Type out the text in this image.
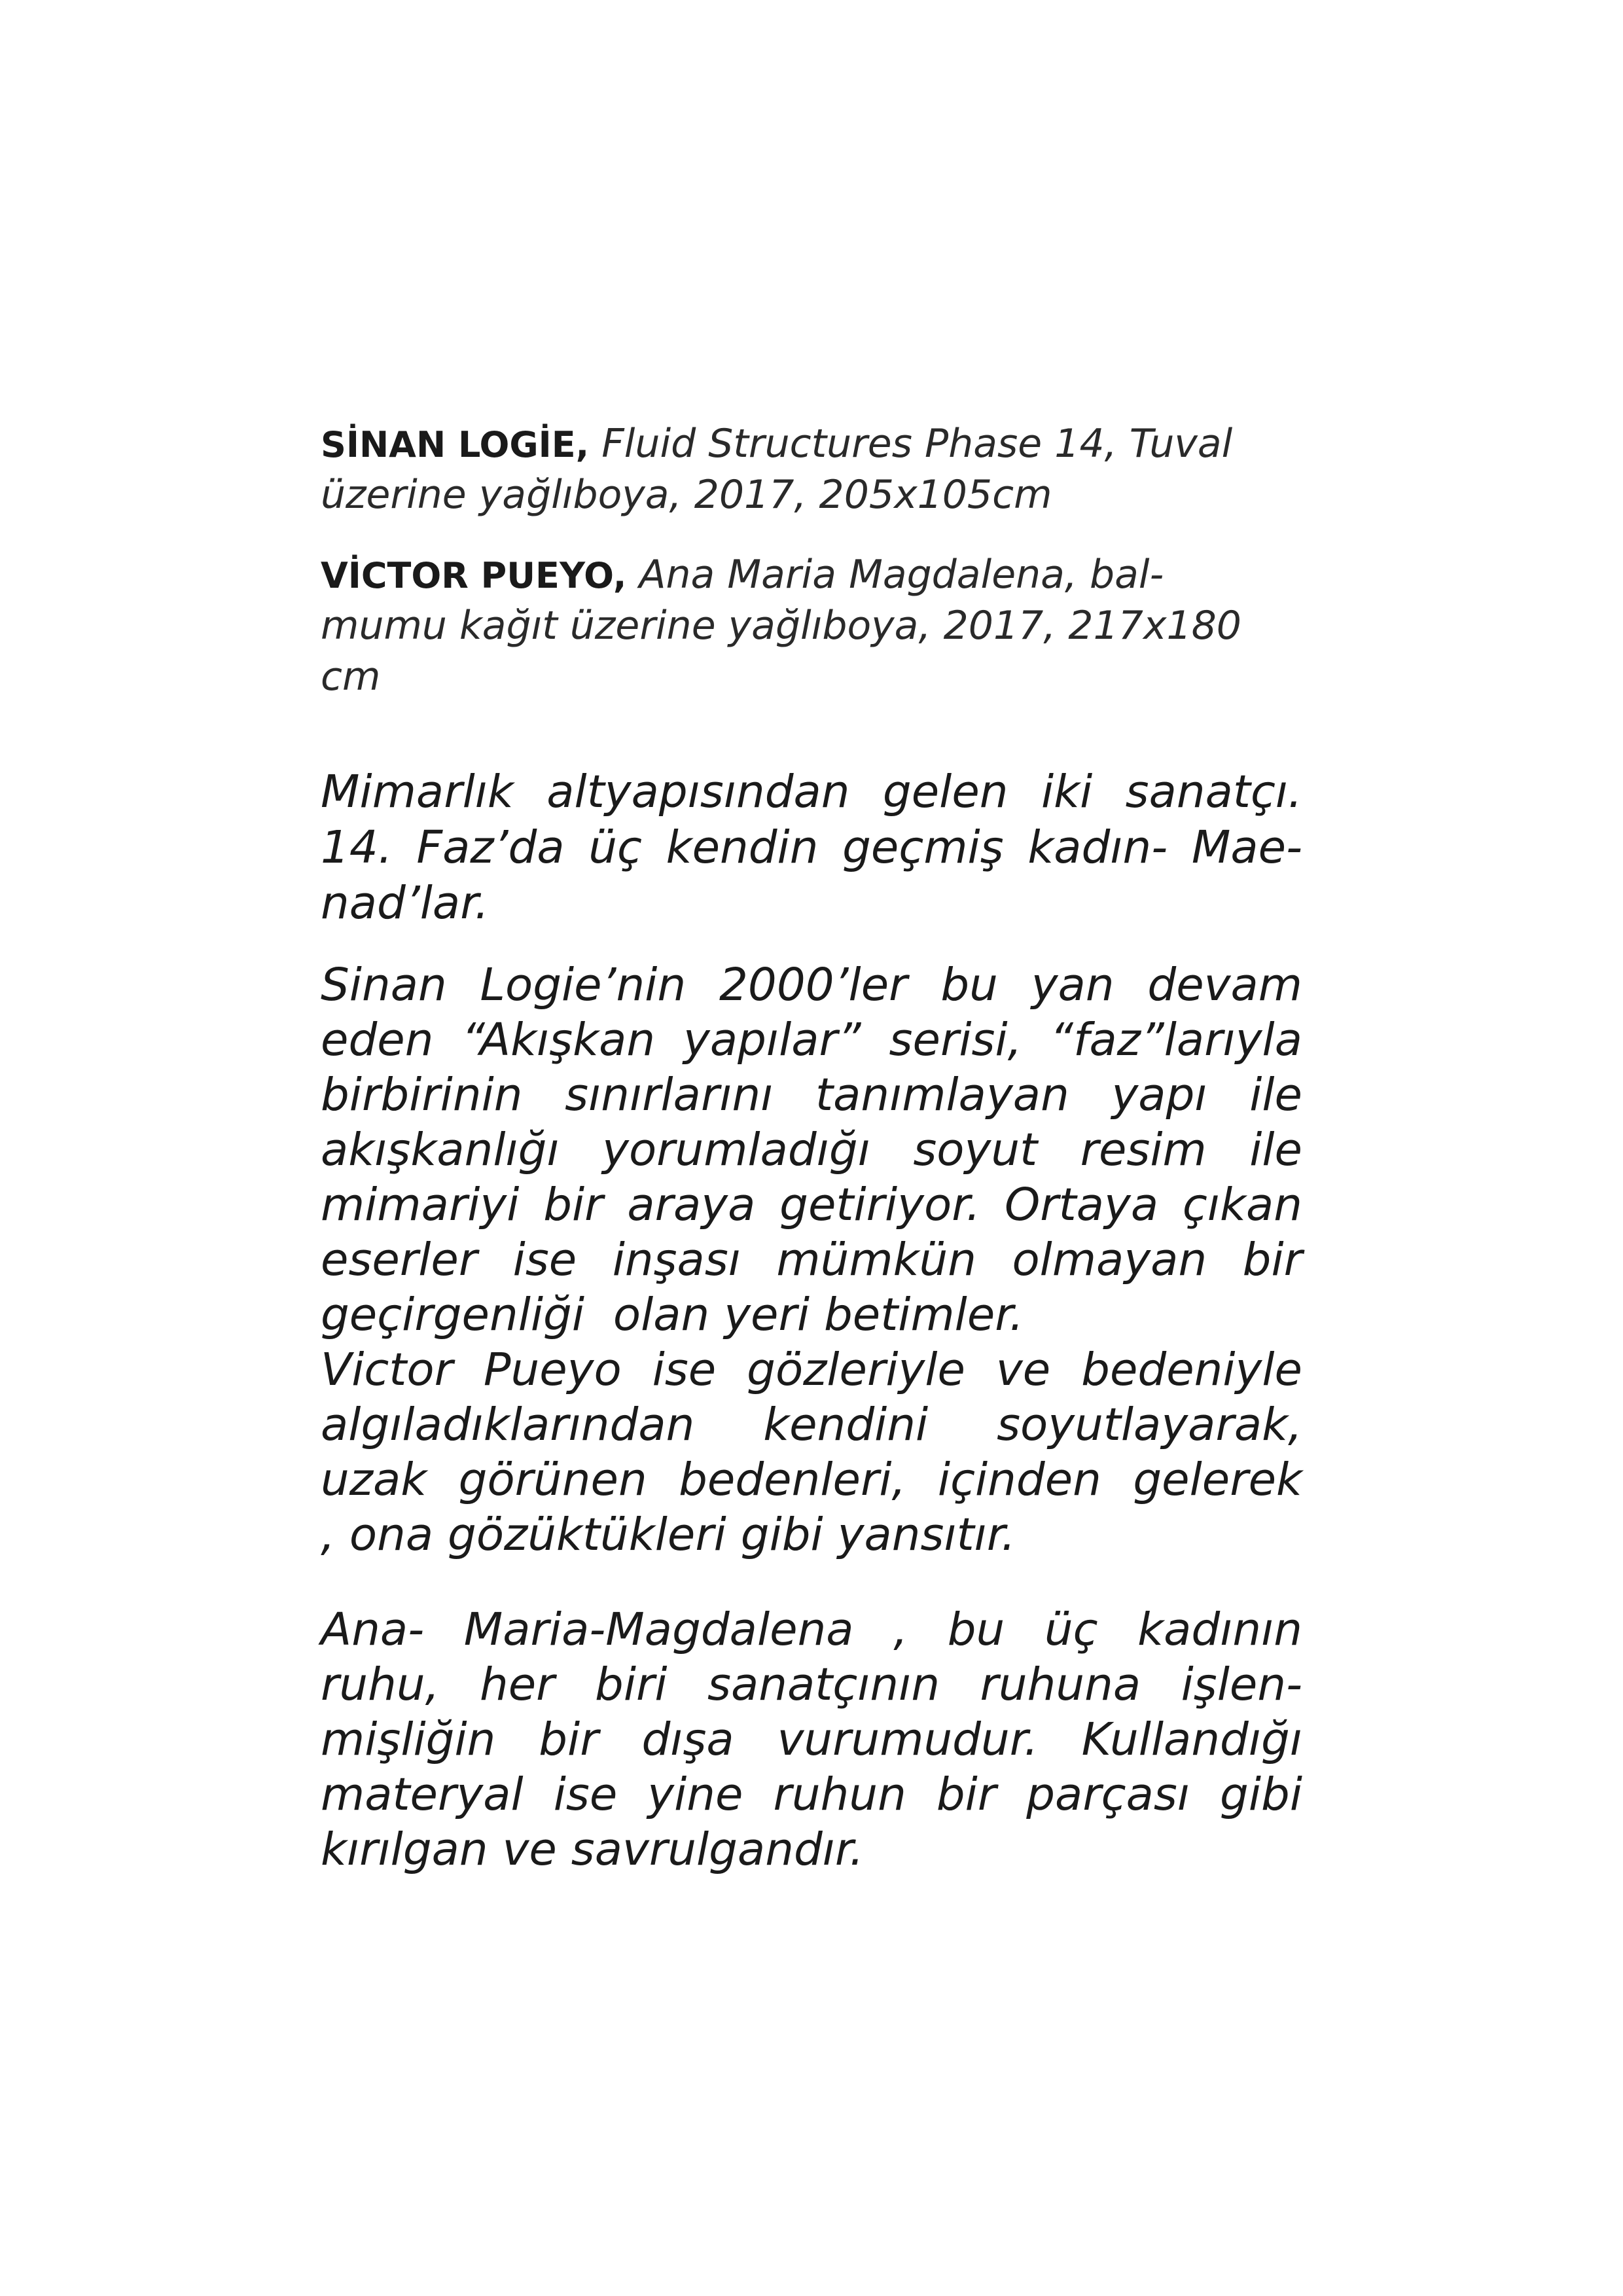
SİNAN LOGİE, Fluid Structures Phase 14, Tuval
üzerine yağlıboya, 2017, 205x105cm
VİCTOR PUEYO, Ana Maria Magdalena, bal-
mumu kağıt üzerine yağlıboya, 2017, 217x180
cm
Mimarlık altyapısından gelen iki sanatçı.
14. Faz’da üç kendin geçmiş kadın- Mae-
nad’lar.
Sinan Logie’nin 2000’ler bu yan devam
eden “Akışkan yapılar” serisi, “faz”larıyla
birbirinin sınırlarını tanımlayan yapı ile
akışkanlığı yorumladığı soyut resim ile
mimariyi bir araya getiriyor. Ortaya çıkan
eserler ise inşası mümkün olmayan bir
geçirgenliği  olan yeri betimler.
Victor Pueyo ise gözleriyle ve bedeniyle
algıladıklarından kendini soyutlayarak,
uzak görünen bedenleri, içinden gelerek
, ona gözüktükleri gibi yansıtır.
Ana- Maria-Magdalena , bu üç kadının
ruhu, her biri sanatçının ruhuna işlen-
mişliğin bir dışa vurumudur. Kullandığı
materyal ise yine ruhun bir parçası gibi
kırılgan ve savrulgandır.
